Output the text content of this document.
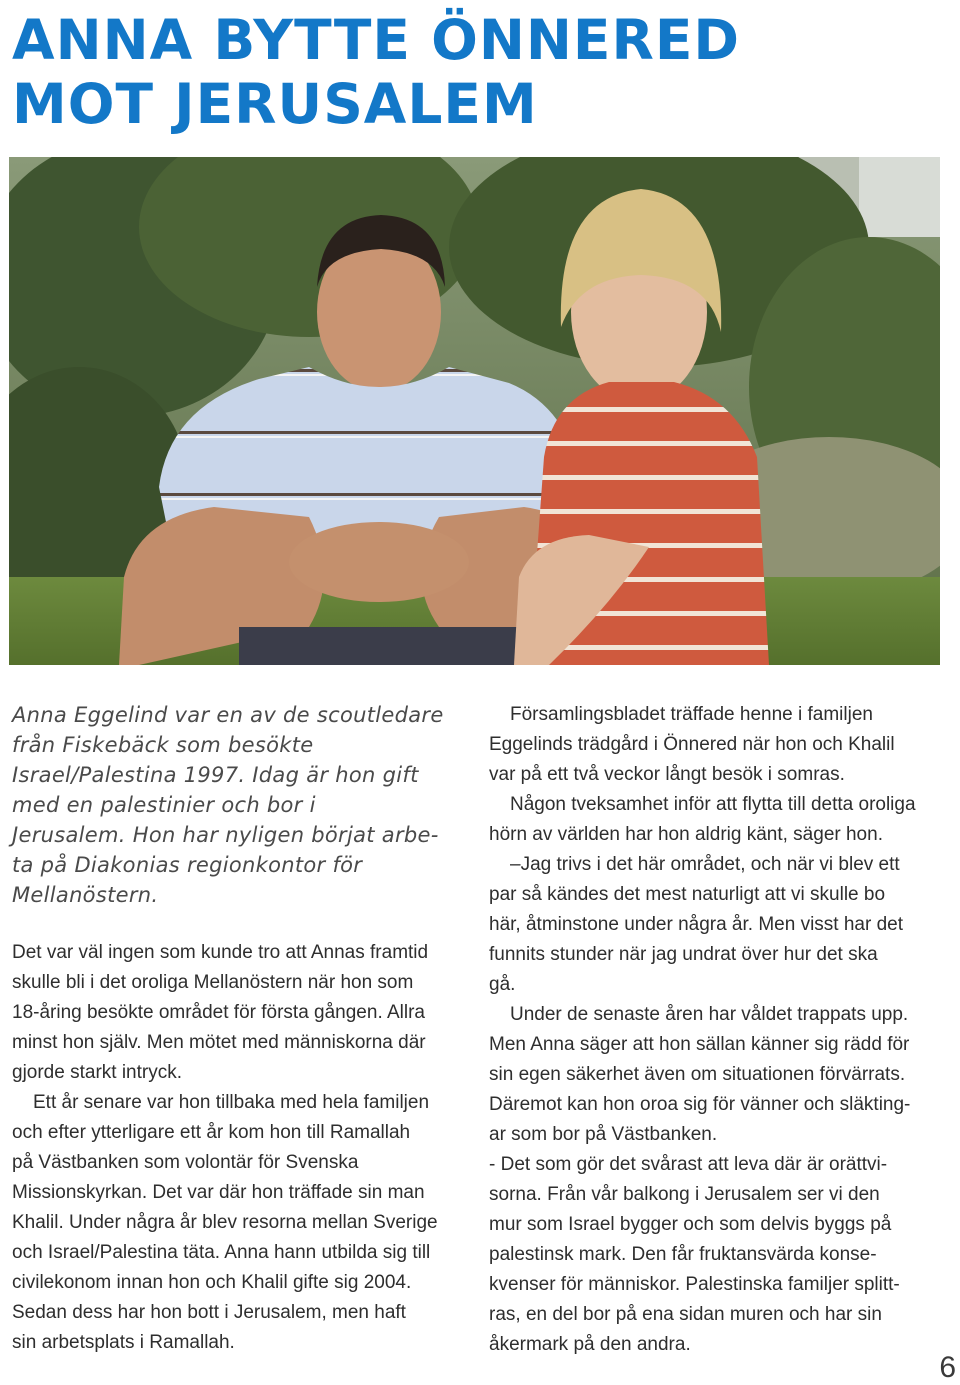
ANNA BYTTE ÖNNERED
MOT JERUSALEM

Anna Eggelind var en av de scoutledare
från Fiskebäck som besökte
Israel/Palestina 1997. Idag är hon gift
med en palestinier och bor i
Jerusalem. Hon har nyligen börjat arbe-
ta på Diakonias regionkontor för
Mellanöstern.

Det var väl ingen som kunde tro att Annas framtid
skulle bli i det oroliga Mellanöstern när hon som
18-åring besökte området för första gången. Allra
minst hon själv. Men mötet med människorna där
gjorde starkt intryck.

Ett år senare var hon tillbaka med hela familjen
och efter ytterligare ett år kom hon till Ramallah
på Västbanken som volontär för Svenska
Missionskyrkan. Det var där hon träffade sin man
Khalil. Under några år blev resorna mellan Sverige
och Israel/Palestina täta. Anna hann utbilda sig till
civilekonom innan hon och Khalil gifte sig 2004.
Sedan dess har hon bott i Jerusalem, men haft
sin arbetsplats i Ramallah.

Församlingsbladet träffade henne i familjen
Eggelinds trädgård i Önnered när hon och Khalil
var på ett två veckor långt besök i somras.

Någon tveksamhet inför att flytta till detta oroliga
hörn av världen har hon aldrig känt, säger hon.

–Jag trivs i det här området, och när vi blev ett
par så kändes det mest naturligt att vi skulle bo
här, åtminstone under några år. Men visst har det
funnits stunder när jag undrat över hur det ska
gå.

Under de senaste åren har våldet trappats upp.
Men Anna säger att hon sällan känner sig rädd för
sin egen säkerhet även om situationen förvärrats.
Däremot kan hon oroa sig för vänner och släkting-
ar som bor på Västbanken.

- Det som gör det svårast att leva där är orättvi-
sorna. Från vår balkong i Jerusalem ser vi den
mur som Israel bygger och som delvis byggs på
palestinsk mark. Den får fruktansvärda konse-
kvenser för människor. Palestinska familjer splitt-
ras, en del bor på ena sidan muren och har sin
åkermark på den andra.

6
